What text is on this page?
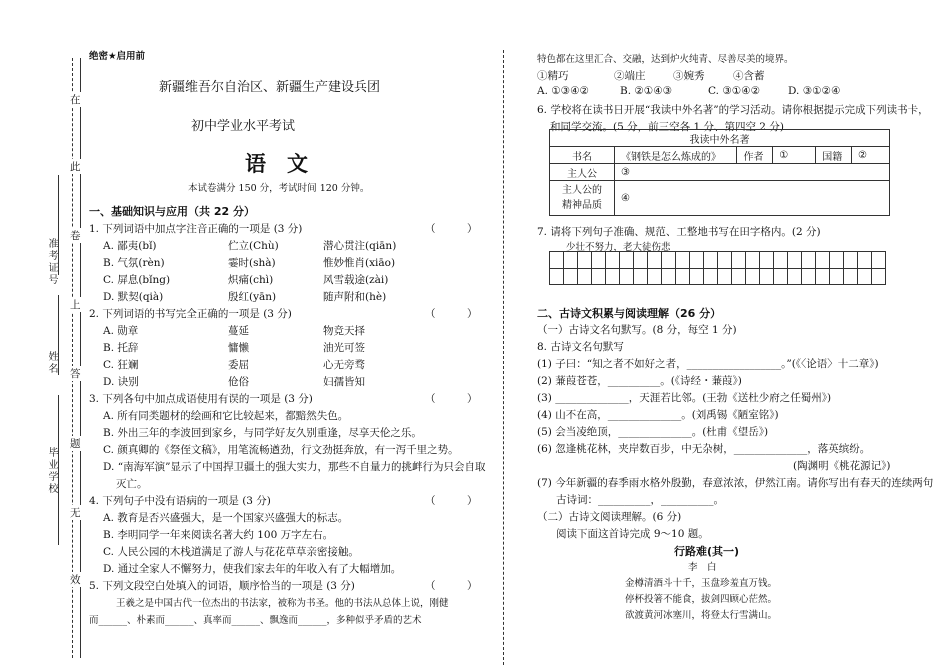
在
此
卷
上
答
题
无
效
准考证号
姓名
毕业学校
绝密★启用前
新疆维吾尔自治区、新疆生产建设兵团
初中学业水平考试
语　文
本试卷满分 150 分，考试时间 120 分钟。
一、基础知识与应用（共 22 分）
1. 下列词语中加点字注音正确的一项是 (3 分)	（　　　）
A. 鄙夷(bǐ)	伫立(Chù)	潜心贯注(qiān)
B. 气氛(rèn)	霎时(shà)	惟妙惟肖(xiāo)
C. 屏息(bǐng)	炽痛(chì)	风雪载途(zài)
D. 默契(qià)	殷红(yān)	随声附和(hè)
2. 下列词语的书写完全正确的一项是 (3 分)	（　　　）
A. 勋章	蔓延	物竞天择
B. 托辞	慵懒	油光可签
C. 狂斓	委屈	心无旁骛
D. 诀别	伧俗	妇孺皆知
3. 下列各句中加点成语使用有误的一项是 (3 分)	（　　　）
A. 所有同类题材的绘画和它比较起来，都黯然失色。
B. 外出三年的李波回到家乡，与同学好友久别重逢，尽享天伦之乐。
C. 颜真卿的《祭侄文稿》，用笔流畅遒劲，行文劲挺奔放，有一泻千里之势。
D. “南海军演”显示了中国捍卫疆土的强大实力，那些不自量力的挑衅行为只会自取
灭亡。
4. 下列句子中没有语病的一项是 (3 分)	（　　　）
A. 教育是否兴盛强大，是一个国家兴盛强大的标志。
B. 李明同学一年来阅读名著大约 100 万字左右。
C. 人民公园的木栈道满足了游人与花花草草亲密接触。
D. 通过全家人不懈努力，使我们家去年的年收入有了大幅增加。
5. 下列文段空白处填入的词语，顺序恰当的一项是 (3 分)	（　　　）
王羲之是中国古代一位杰出的书法家，被称为书圣。他的书法从总体上说，刚健
而______、朴素而______、真率而______、飘逸而______，多种似乎矛盾的艺术
特色都在这里汇合、交融，达到炉火纯青、尽善尽美的境界。
①精巧	②端庄	③婉秀	④含蓄
A. ①③④②	B. ②①④③	C. ③①④②	D. ③①②④
6. 学校将在读书日开展“我读中外名著”的学习活动。请你根据提示完成下列读书卡，
和同学交流。(5 分，前三空各 1 分、第四空 2 分)
我读中外名著					
书名	《钢铁是怎么炼成的》	作者	①	国籍	②
主人公	③				
主人公的
精神品质	④				
7. 请将下列句子准确、规范、工整地书写在田字格内。(2 分)
少壮不努力，老大徒伤悲
二、古诗文积累与阅读理解（26 分）
（一）古诗文名句默写。(8 分，每空 1 分)
8. 古诗文名句默写
(1) 子曰：“知之者不如好之者，__________________。”(《〈论语〉十二章》)
(2) 蒹葭苍苍，__________。(《诗经・蒹葭》)
(3) ______________，天涯若比邻。(王勃《送杜少府之任蜀州》)
(4) 山不在高，______________。(刘禹锡《陋室铭》)
(5) 会当凌绝顶，______________。(杜甫《望岳》)
(6) 忽逢桃花林，夹岸数百步，中无杂树，______________，落英缤纷。
(陶渊明《桃花源记》)
(7) 今年新疆的春季雨水格外殷勤，春意浓浓，伊然江南。请你写出有春天的连续两句
古诗词：__________，__________。
（二）古诗文阅读理解。(6 分)
阅读下面这首诗完成 9～10 题。
行路难(其一)
李　白
金樽清酒斗十千，玉盘珍羞直万钱。
停杯投箸不能食，拔剑四顾心茫然。
欲渡黄河冰塞川，将登太行雪满山。
